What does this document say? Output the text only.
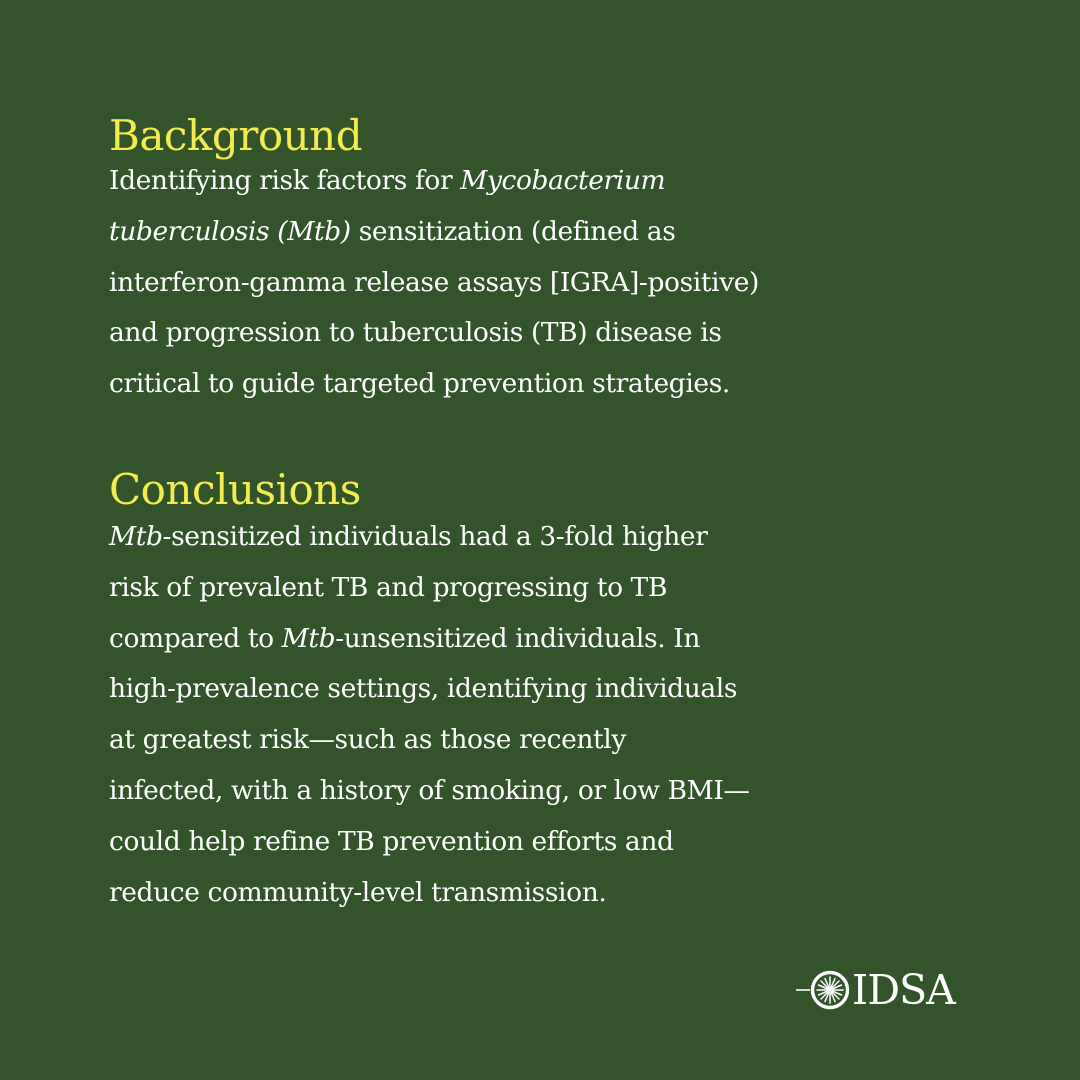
Background

Identifying risk factors for Mycobacterium
tuberculosis (Mtb) sensitization (defined as
interferon-gamma release assays [IGRA]-positive)
and progression to tuberculosis (TB) disease is
critical to guide targeted prevention strategies.

Conclusions

Mtb-sensitized individuals had a 3-fold higher
risk of prevalent TB and progressing to TB
compared to Mtb-unsensitized individuals. In
high-prevalence settings, identifying individuals
at greatest risk—such as those recently
infected, with a history of smoking, or low BMI—
could help refine TB prevention efforts and
reduce community-level transmission.

IDSA
